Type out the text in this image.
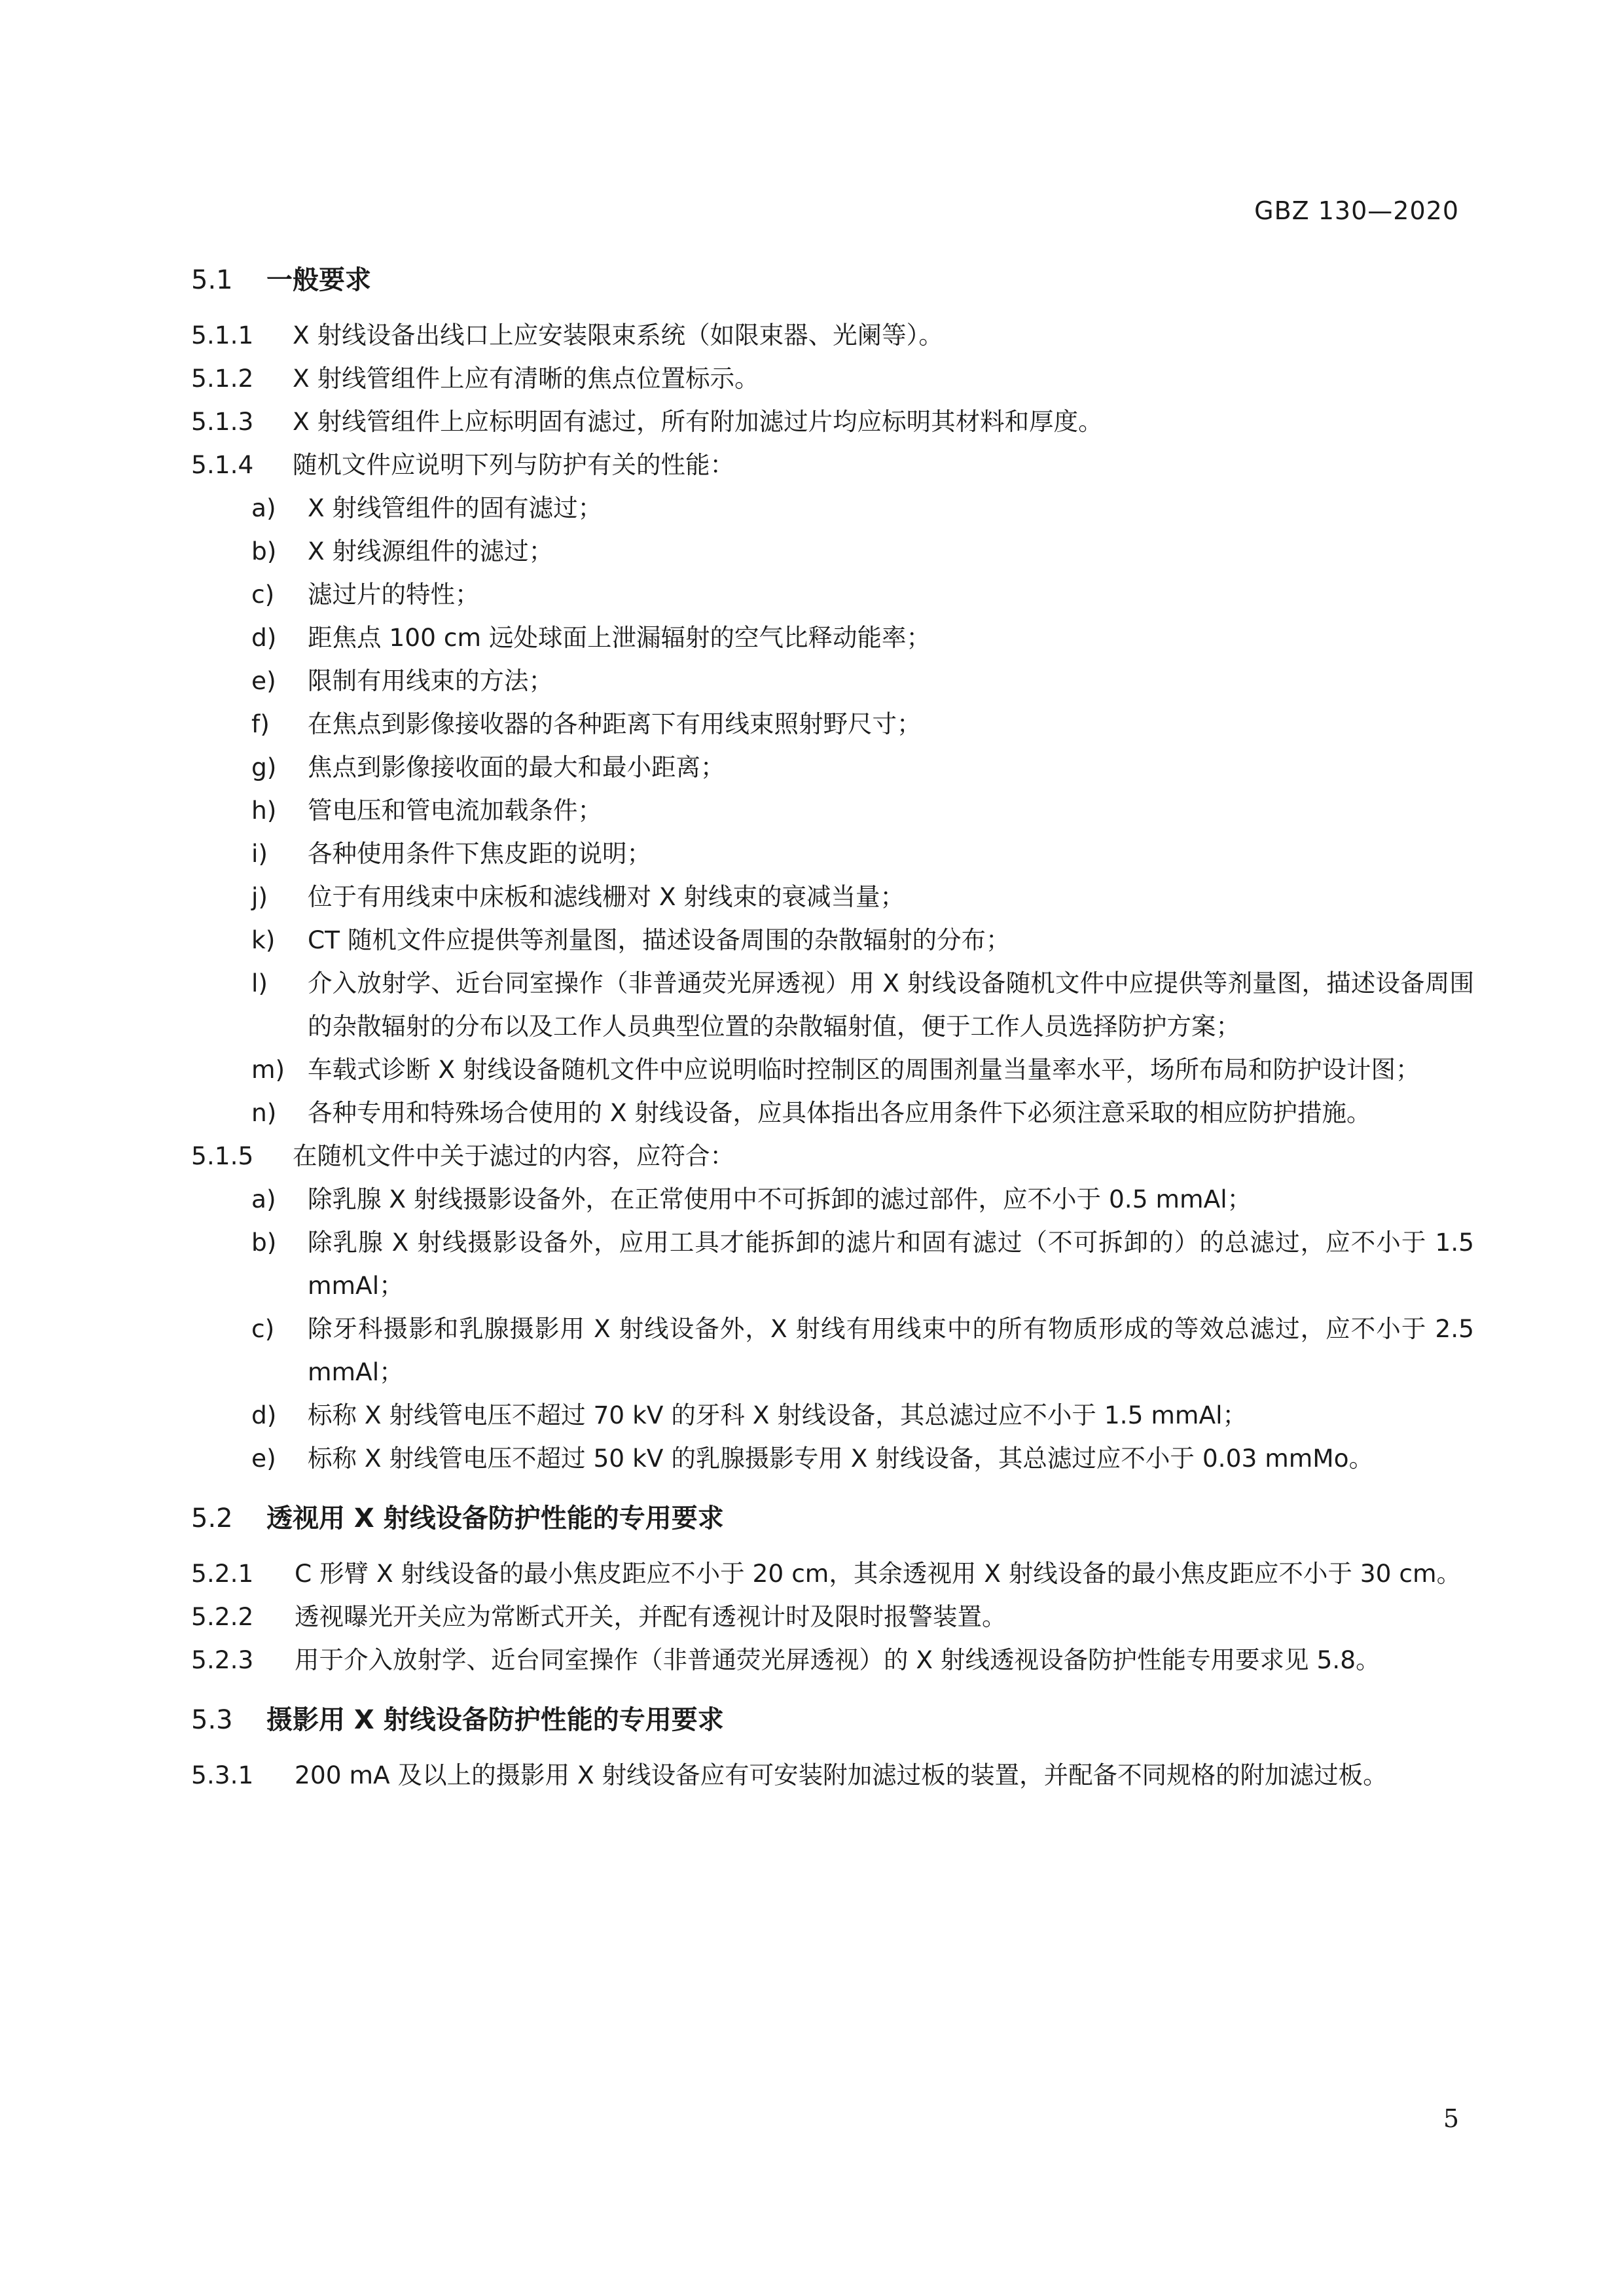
GBZ 130—2020
5.1	一般要求
5.1.1	X 射线设备出线口上应安装限束系统（如限束器、光阑等）。
5.1.2	X 射线管组件上应有清晰的焦点位置标示。
5.1.3	X 射线管组件上应标明固有滤过，所有附加滤过片均应标明其材料和厚度。
5.1.4	随机文件应说明下列与防护有关的性能：
a)	X 射线管组件的固有滤过；
b)	X 射线源组件的滤过；
c)	滤过片的特性；
d)	距焦点 100 cm 远处球面上泄漏辐射的空气比释动能率；
e)	限制有用线束的方法；
f)	在焦点到影像接收器的各种距离下有用线束照射野尺寸；
g)	焦点到影像接收面的最大和最小距离；
h)	管电压和管电流加载条件；
i)	各种使用条件下焦皮距的说明；
j)	位于有用线束中床板和滤线栅对 X 射线束的衰减当量；
k)	CT 随机文件应提供等剂量图，描述设备周围的杂散辐射的分布；
l)	介入放射学、近台同室操作（非普通荧光屏透视）用 X 射线设备随机文件中应提供等剂量图，描述设备周围的杂散辐射的分布以及工作人员典型位置的杂散辐射值，便于工作人员选择防护方案；
m) 车载式诊断 X 射线设备随机文件中应说明临时控制区的周围剂量当量率水平，场所布局和防护设计图；
n)	各种专用和特殊场合使用的 X 射线设备，应具体指出各应用条件下必须注意采取的相应防护措施。
5.1.5	在随机文件中关于滤过的内容，应符合：
a)	除乳腺 X 射线摄影设备外，在正常使用中不可拆卸的滤过部件，应不小于 0.5 mmAl；
b)	除乳腺 X 射线摄影设备外，应用工具才能拆卸的滤片和固有滤过（不可拆卸的）的总滤过，应不小于 1.5 mmAl；
c)	除牙科摄影和乳腺摄影用 X 射线设备外，X 射线有用线束中的所有物质形成的等效总滤过，应不小于 2.5 mmAl；
d)	标称 X 射线管电压不超过 70 kV 的牙科 X 射线设备，其总滤过应不小于 1.5 mmAl；
e)	标称 X 射线管电压不超过 50 kV 的乳腺摄影专用 X 射线设备，其总滤过应不小于 0.03 mmMo。
5.2	透视用 X 射线设备防护性能的专用要求
5.2.1	C 形臂 X 射线设备的最小焦皮距应不小于 20 cm，其余透视用 X 射线设备的最小焦皮距应不小于 30 cm。
5.2.2	透视曝光开关应为常断式开关，并配有透视计时及限时报警装置。
5.2.3	用于介入放射学、近台同室操作（非普通荧光屏透视）的 X 射线透视设备防护性能专用要求见 5.8。
5.3	摄影用 X 射线设备防护性能的专用要求
5.3.1	200 mA 及以上的摄影用 X 射线设备应有可安装附加滤过板的装置，并配备不同规格的附加滤过板。
5
